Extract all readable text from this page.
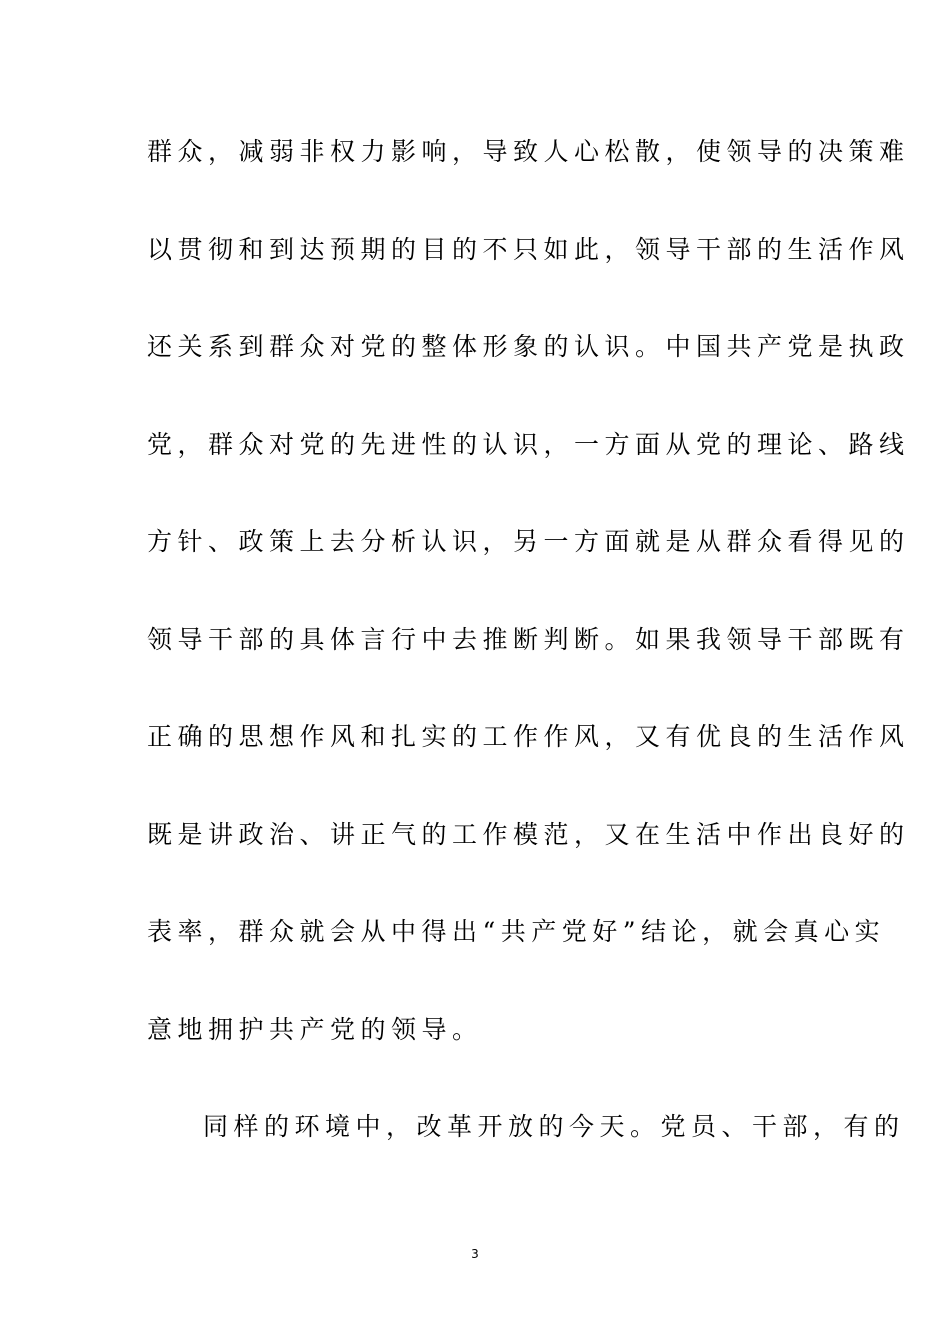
群众，减弱非权力影响，导致人心松散，使领导的决策难
以贯彻和到达预期的目的不只如此，领导干部的生活作风
还关系到群众对党的整体形象的认识。中国共产党是执政
党，群众对党的先进性的认识，一方面从党的理论、路线
方针、政策上去分析认识，另一方面就是从群众看得见的
领导干部的具体言行中去推断判断。如果我领导干部既有
正确的思想作风和扎实的工作作风，又有优良的生活作风
既是讲政治、讲正气的工作模范，又在生活中作出良好的
表率，群众就会从中得出“共产党好”结论，就会真心实
意地拥护共产党的领导。
同样的环境中，改革开放的今天。党员、干部，有的
3
